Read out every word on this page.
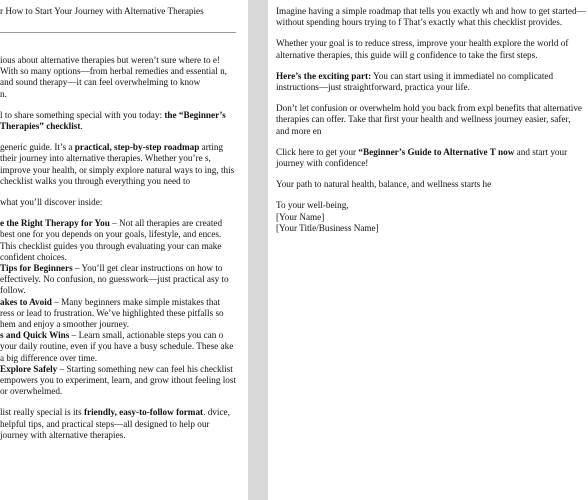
r How to Start Your Journey with Alternative Therapies

ious about alternative therapies but weren’t sure where to e! With so many options—from herbal remedies and essential n, and sound therapy—it can feel overwhelming to know
n.

l to share something special with you today: the “Beginner’s
Therapies” checklist.

generic guide. It’s a practical, step-by-step roadmap arting their journey into alternative therapies. Whether you’re s, improve your health, or simply explore natural ways to ing, this checklist walks you through everything you need to

what you’ll discover inside:

e the Right Therapy for You – Not all therapies are created best one for you depends on your goals, lifestyle, and ences. This checklist guides you through evaluating your can make confident choices.
Tips for Beginners – You’ll get clear instructions on how to effectively. No confusion, no guesswork—just practical asy to follow.
akes to Avoid – Many beginners make simple mistakes that ress or lead to frustration. We’ve highlighted these pitfalls so hem and enjoy a smoother journey.
s and Quick Wins – Learn small, actionable steps you can o your daily routine, even if you have a busy schedule. These ake a big difference over time.
Explore Safely – Starting something new can feel his checklist empowers you to experiment, learn, and grow ithout feeling lost or overwhelmed.

list really special is its friendly, easy-to-follow format. dvice, helpful tips, and practical steps—all designed to help our journey with alternative therapies.

Imagine having a simple roadmap that tells you exactly wh and how to get started—without spending hours trying to f That’s exactly what this checklist provides.

Whether your goal is to reduce stress, improve your health explore the world of alternative therapies, this guide will g confidence to take the first steps.

Here’s the exciting part: You can start using it immediatel no complicated instructions—just straightforward, practica your life.

Don’t let confusion or overwhelm hold you back from expl benefits that alternative therapies can offer. Take that first your health and wellness journey easier, safer, and more en

Click here to get your “Beginner’s Guide to Alternative T now and start your journey with confidence!

Your path to natural health, balance, and wellness starts he

To your well-being,

[Your Name]

[Your Title/Business Name]
